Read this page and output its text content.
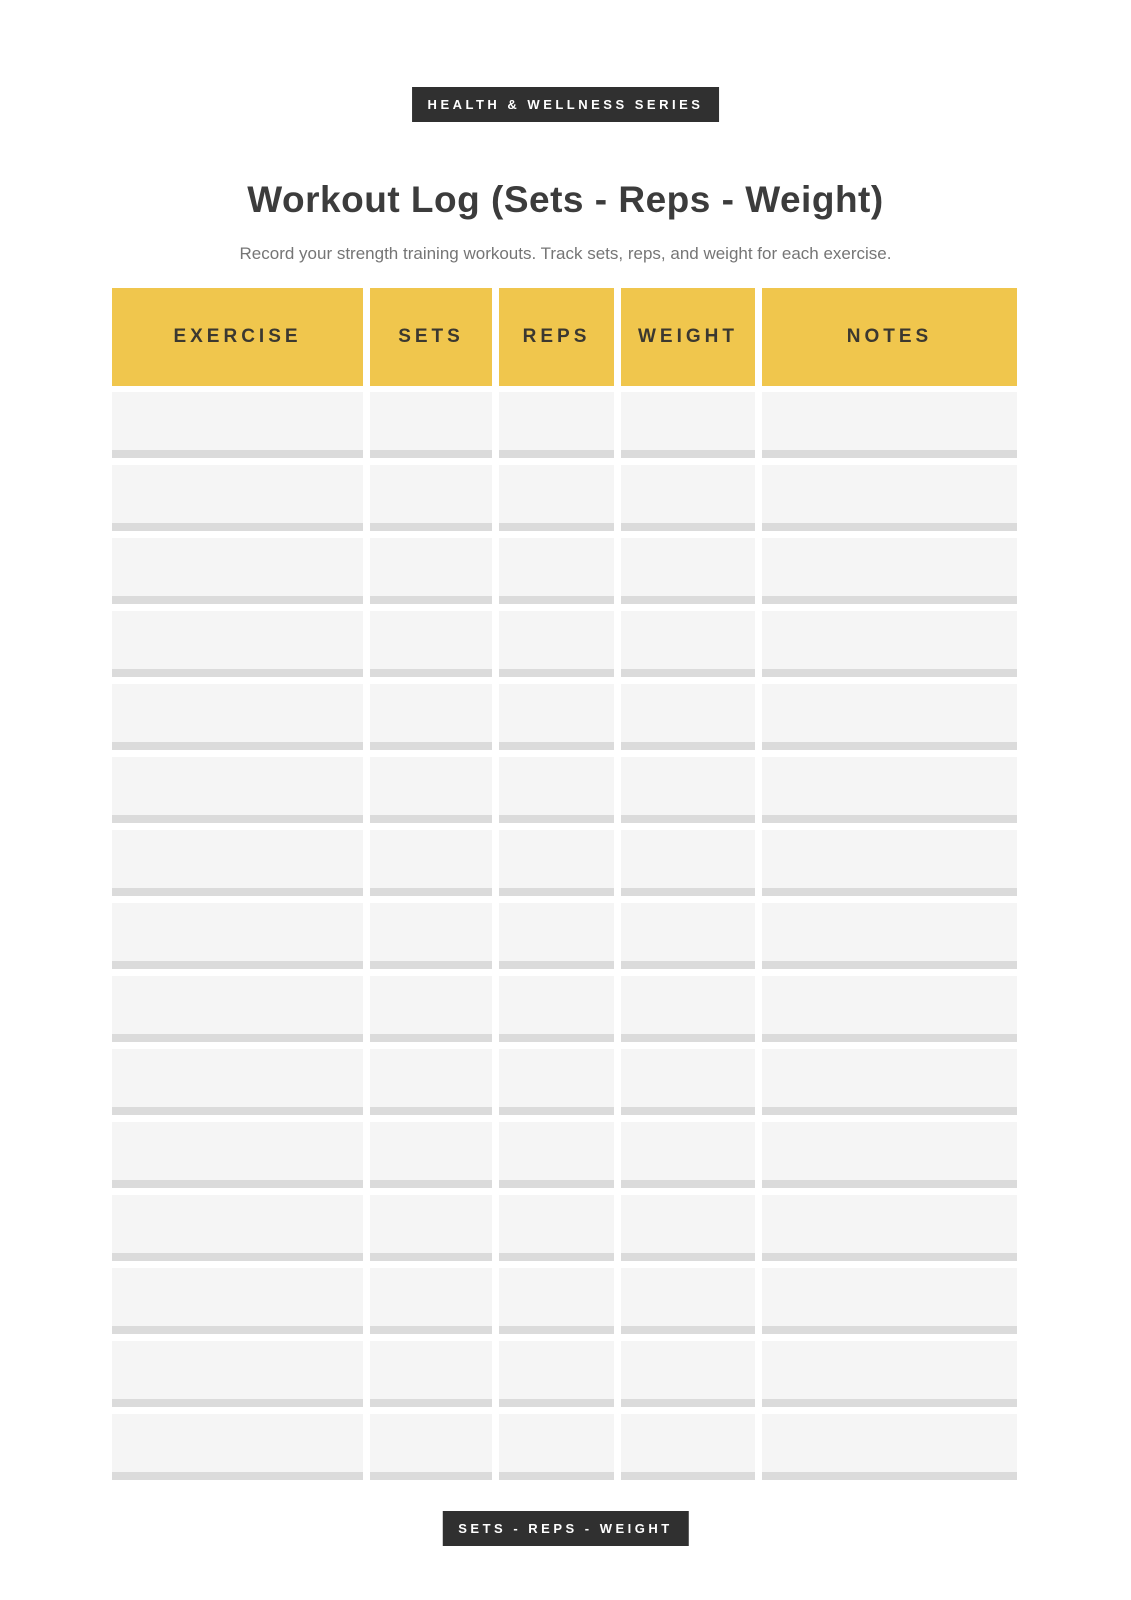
HEALTH & WELLNESS SERIES
Workout Log (Sets - Reps - Weight)
Record your strength training workouts. Track sets, reps, and weight for each exercise.
EXERCISE	SETS	REPS	WEIGHT	NOTES
SETS - REPS - WEIGHT
